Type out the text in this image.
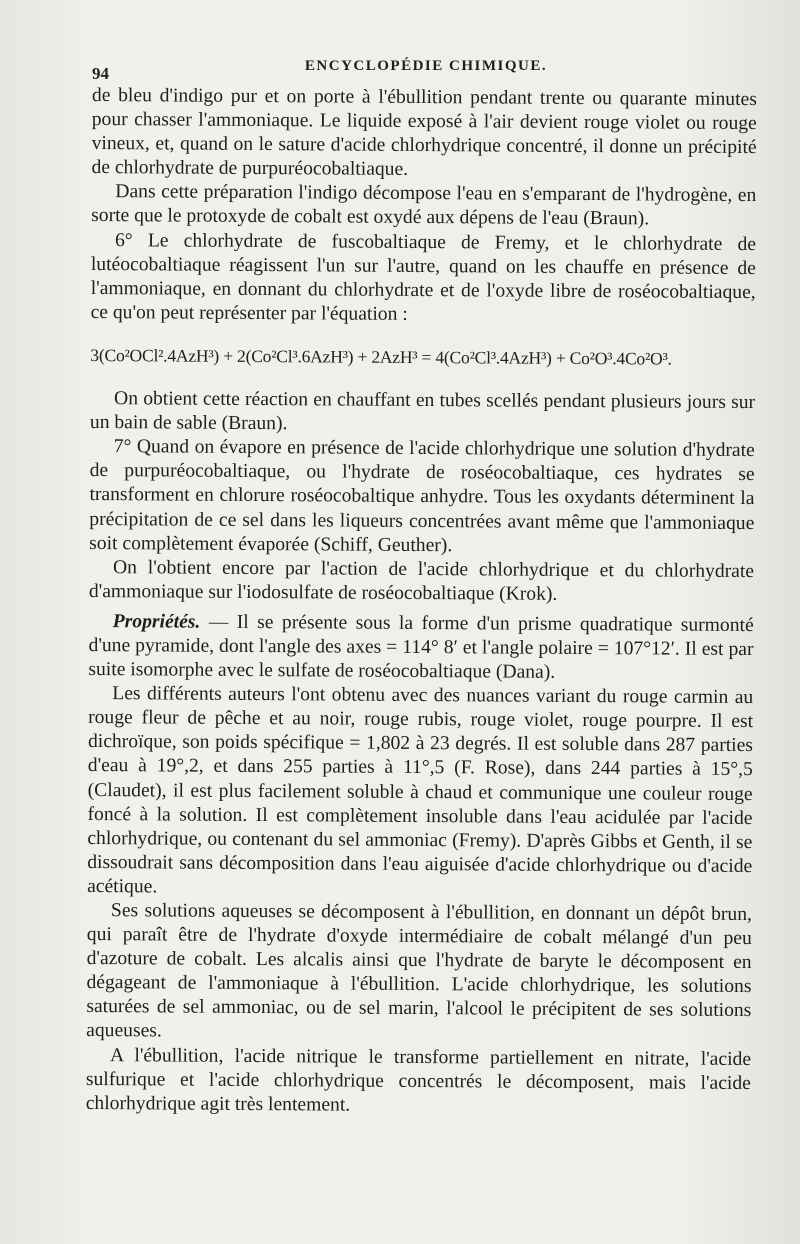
94	ENCYCLOPÉDIE CHIMIQUE.

de bleu d'indigo pur et on porte à l'ébullition pendant trente ou quarante minutes pour chasser l'ammoniaque. Le liquide exposé à l'air devient rouge violet ou rouge vineux, et, quand on le sature d'acide chlorhydrique concentré, il donne un précipité de chlorhydrate de purpuréocobaltiaque.

Dans cette préparation l'indigo décompose l'eau en s'emparant de l'hydrogène, en sorte que le protoxyde de cobalt est oxydé aux dépens de l'eau (Braun).

6° Le chlorhydrate de fuscobaltiaque de Fremy, et le chlorhydrate de lutéocobaltiaque réagissent l'un sur l'autre, quand on les chauffe en présence de l'ammoniaque, en donnant du chlorhydrate et de l'oxyde libre de roséocobaltiaque, ce qu'on peut représenter par l'équation :

3(Co²OCl².4AzH³) + 2(Co²Cl³.6AzH³) + 2AzH³ = 4(Co²Cl³.4AzH³) + Co²O³.4Co²O³.

On obtient cette réaction en chauffant en tubes scellés pendant plusieurs jours sur un bain de sable (Braun).

7° Quand on évapore en présence de l'acide chlorhydrique une solution d'hydrate de purpuréocobaltiaque, ou l'hydrate de roséocobaltiaque, ces hydrates se transforment en chlorure roséocobaltique anhydre. Tous les oxydants déterminent la précipitation de ce sel dans les liqueurs concentrées avant même que l'ammoniaque soit complètement évaporée (Schiff, Geuther).

On l'obtient encore par l'action de l'acide chlorhydrique et du chlorhydrate d'ammoniaque sur l'iodosulfate de roséocobaltiaque (Krok).

Propriétés. — Il se présente sous la forme d'un prisme quadratique surmonté d'une pyramide, dont l'angle des axes = 114° 8′ et l'angle polaire = 107°12′. Il est par suite isomorphe avec le sulfate de roséocobaltiaque (Dana).

Les différents auteurs l'ont obtenu avec des nuances variant du rouge carmin au rouge fleur de pêche et au noir, rouge rubis, rouge violet, rouge pourpre. Il est dichroïque, son poids spécifique = 1,802 à 23 degrés. Il est soluble dans 287 parties d'eau à 19°,2, et dans 255 parties à 11°,5 (F. Rose), dans 244 parties à 15°,5 (Claudet), il est plus facilement soluble à chaud et communique une couleur rouge foncé à la solution. Il est complètement insoluble dans l'eau acidulée par l'acide chlorhydrique, ou contenant du sel ammoniac (Fremy). D'après Gibbs et Genth, il se dissoudrait sans décomposition dans l'eau aiguisée d'acide chlorhydrique ou d'acide acétique.

Ses solutions aqueuses se décomposent à l'ébullition, en donnant un dépôt brun, qui paraît être de l'hydrate d'oxyde intermédiaire de cobalt mélangé d'un peu d'azoture de cobalt. Les alcalis ainsi que l'hydrate de baryte le décomposent en dégageant de l'ammoniaque à l'ébullition. L'acide chlorhydrique, les solutions saturées de sel ammoniac, ou de sel marin, l'alcool le précipitent de ses solutions aqueuses.

A l'ébullition, l'acide nitrique le transforme partiellement en nitrate, l'acide sulfurique et l'acide chlorhydrique concentrés le décomposent, mais l'acide chlorhydrique agit très lentement.
